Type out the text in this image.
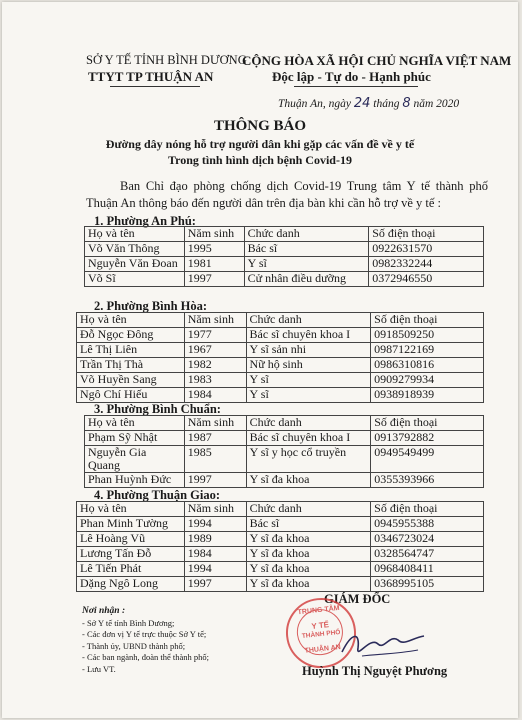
SỞ Y TẾ TỈNH BÌNH DƯƠNG
TTYT TP THUẬN AN
CỘNG HÒA XÃ HỘI CHỦ NGHĨA VIỆT NAM
Độc lập - Tự do - Hạnh phúc
Thuận An, ngày 24 tháng 8 năm 2020
THÔNG BÁO
Đường dây nóng hỗ trợ người dân khi gặp các vấn đề về y tế
Trong tình hình dịch bệnh Covid-19
Ban Chỉ đạo phòng chống dịch Covid-19 Trung tâm Y tế thành phố Thuận An thông báo đến người dân trên địa bàn khi cần hỗ trợ về y tế :
1. Phường An Phú:
Họ và tên	Năm sinh	Chức danh	Số điện thoại
Võ Văn Thông	1995	Bác sĩ	0922631570
Nguyễn Văn Đoan	1981	Y sĩ	0982332244
Võ Sĩ	1997	Cử nhân điều dưỡng	0372946550
2. Phường Bình Hòa:
Họ và tên	Năm sinh	Chức danh	Số điện thoại
Đỗ Ngọc Đông	1977	Bác sĩ chuyên khoa I	0918509250
Lê Thị Liên	1967	Y sĩ sản nhi	0987122169
Trần Thị Thà	1982	Nữ hộ sinh	0986310816
Võ Huyền Sang	1983	Y sĩ	0909279934
Ngô Chí Hiếu	1984	Y sĩ	0938918939
3. Phường Bình Chuẩn:
Họ và tên	Năm sinh	Chức danh	Số điện thoại
Phạm Sỹ Nhật	1987	Bác sĩ chuyên khoa I	0913792882
Nguyễn Gia Quang	1985	Y sĩ y học cổ truyền	0949549499
Phan Huỳnh Đức	1997	Y sĩ đa khoa	0355393966
4. Phường Thuận Giao:
Họ và tên	Năm sinh	Chức danh	Số điện thoại
Phan Minh Tường	1994	Bác sĩ	0945955388
Lê Hoàng Vũ	1989	Y sĩ đa khoa	0346723024
Lương Tấn Đỗ	1984	Y sĩ đa khoa	0328564747
Lê Tiến Phát	1994	Y sĩ đa khoa	0968408411
Dặng Ngô Long	1997	Y sĩ đa khoa	0368995105
Nơi nhận :
- Sở Y tế tỉnh Bình Dương;
- Các đơn vị Y tế trực thuộc Sở Y tế;
- Thành ủy, UBND thành phố;
- Các ban ngành, đoàn thể thành phố;
- Lưu VT.
GIÁM ĐỐC
TRUNG TÂM
Y TẾ
THÀNH PHỐ
THUẬN AN
Huỳnh Thị Nguyệt Phương
